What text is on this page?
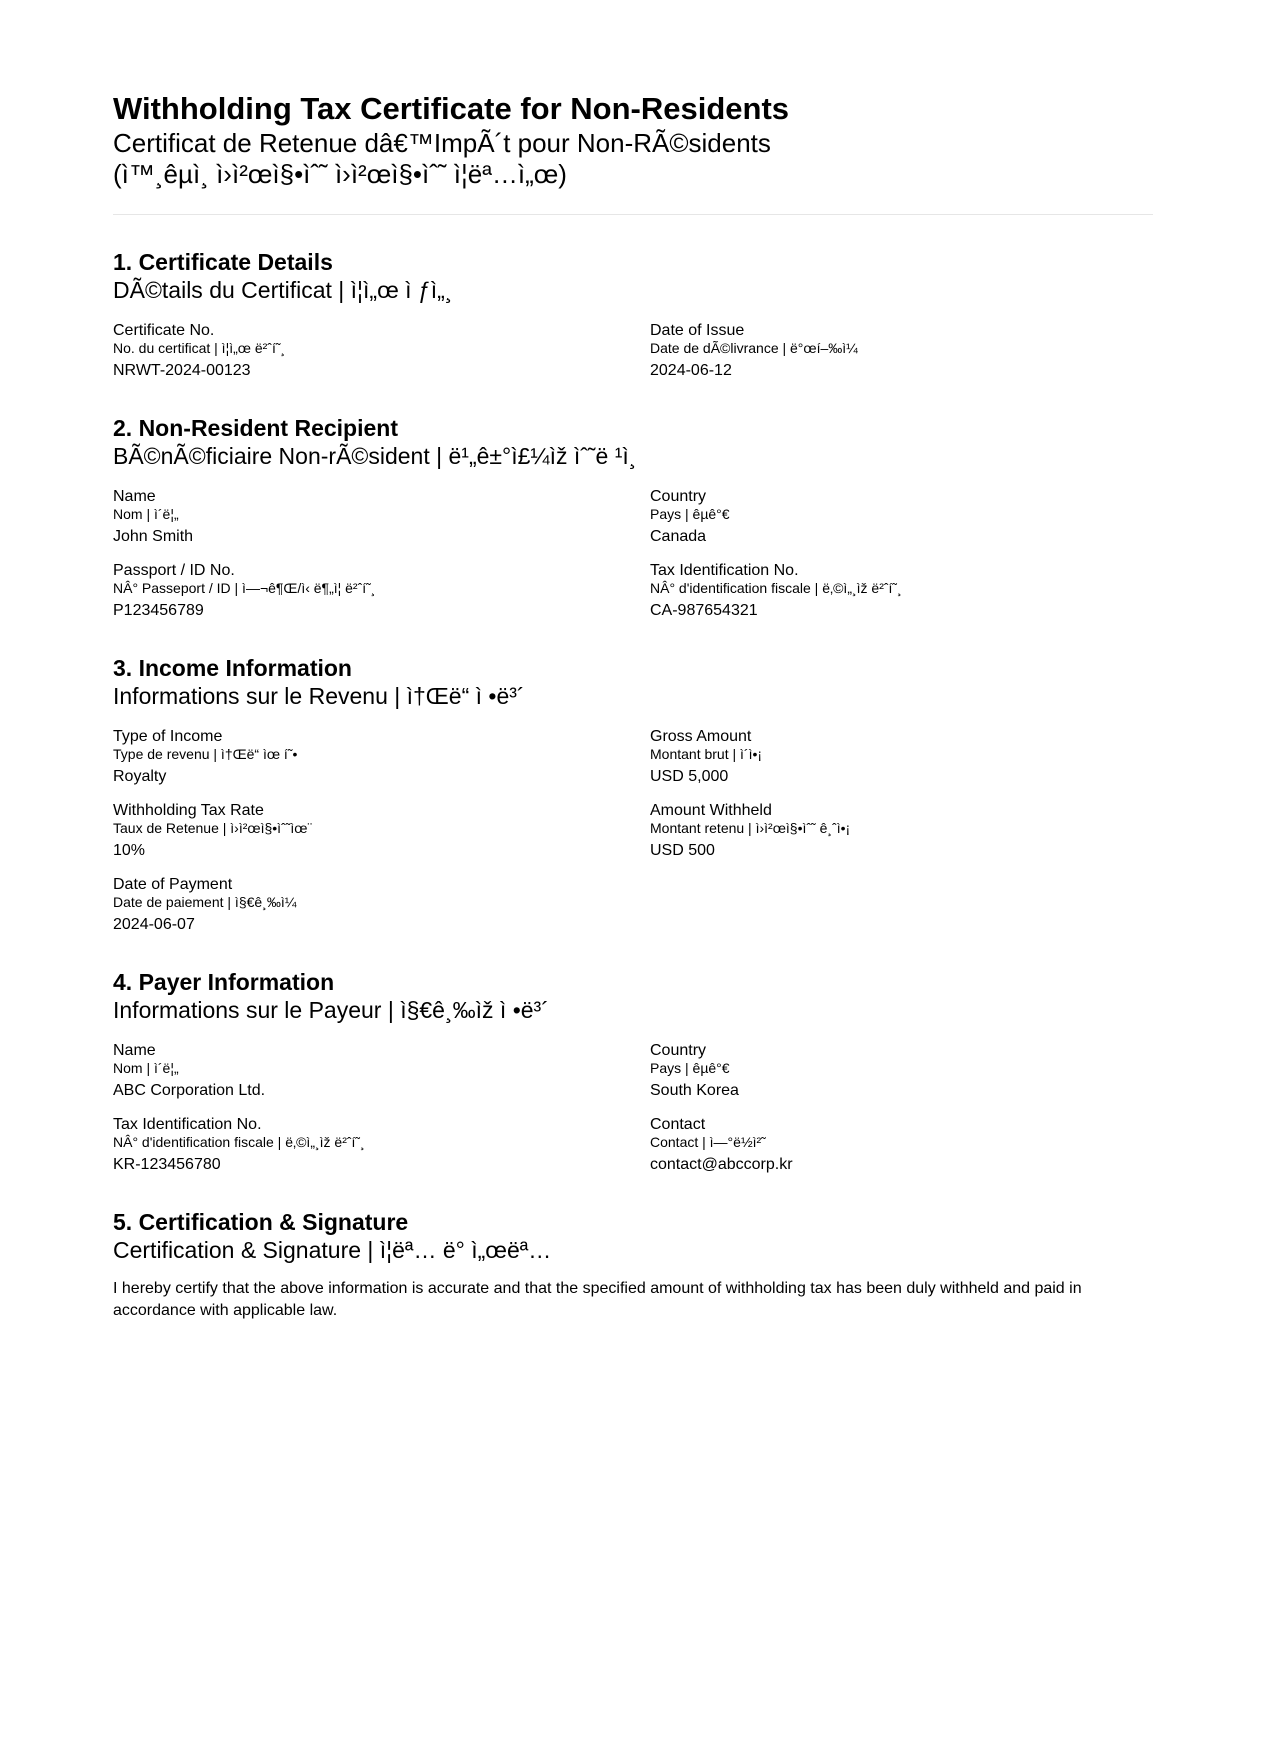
Withholding Tax Certificate for Non-Residents
Certificat de Retenue dâ€™ImpÃ´t pour Non-RÃ©sidents
(ì™¸êµì¸ ì›ì²œì§•ìˆ˜ ì›ì²œì§•ìˆ˜ ì¦ëª…ì„œ)
1. Certificate Details
DÃ©tails du Certificat | ì¦ì„œ ì ƒì„¸
Certificate No.
No. du certificat | ì¦ì„œ ë²ˆí˜¸
NRWT-2024-00123
Date of Issue
Date de dÃ©livrance | ë°œí–‰ì¼
2024-06-12
2. Non-Resident Recipient
BÃ©nÃ©ficiaire Non-rÃ©sident | ë¹„ê±°ì£¼ìž ìˆ˜ë ¹ì¸
Name
Nom | ì´ë¦„
John Smith
Country
Pays | êµê°€
Canada
Passport / ID No.
NÂ° Passeport / ID | ì—¬ê¶Œ/ì‹ ë¶„ì¦ ë²ˆí˜¸
P123456789
Tax Identification No.
NÂ° d'identification fiscale | ë‚©ì„¸ìž ë²ˆí˜¸
CA-987654321
3. Income Information
Informations sur le Revenu | ì†Œë“ ì •ë³´
Type of Income
Type de revenu | ì†Œë“ ìœ í˜•
Royalty
Gross Amount
Montant brut | ì´ì•¡
USD 5,000
Withholding Tax Rate
Taux de Retenue | ì›ì²œì§•ìˆ˜ìœ¨
10%
Amount Withheld
Montant retenu | ì›ì²œì§•ìˆ˜ ê¸ˆì•¡
USD 500
Date of Payment
Date de paiement | ì§€ê¸‰ì¼
2024-06-07
4. Payer Information
Informations sur le Payeur | ì§€ê¸‰ìž ì •ë³´
Name
Nom | ì´ë¦„
ABC Corporation Ltd.
Country
Pays | êµê°€
South Korea
Tax Identification No.
NÂ° d'identification fiscale | ë‚©ì„¸ìž ë²ˆí˜¸
KR-123456780
Contact
Contact | ì—°ë½ì²˜
contact@abccorp.kr
5. Certification & Signature
Certification & Signature | ì¦ëª… ë° ì„œëª…

I hereby certify that the above information is accurate and that the specified amount of withholding tax has been duly withheld and paid in accordance with applicable law.
